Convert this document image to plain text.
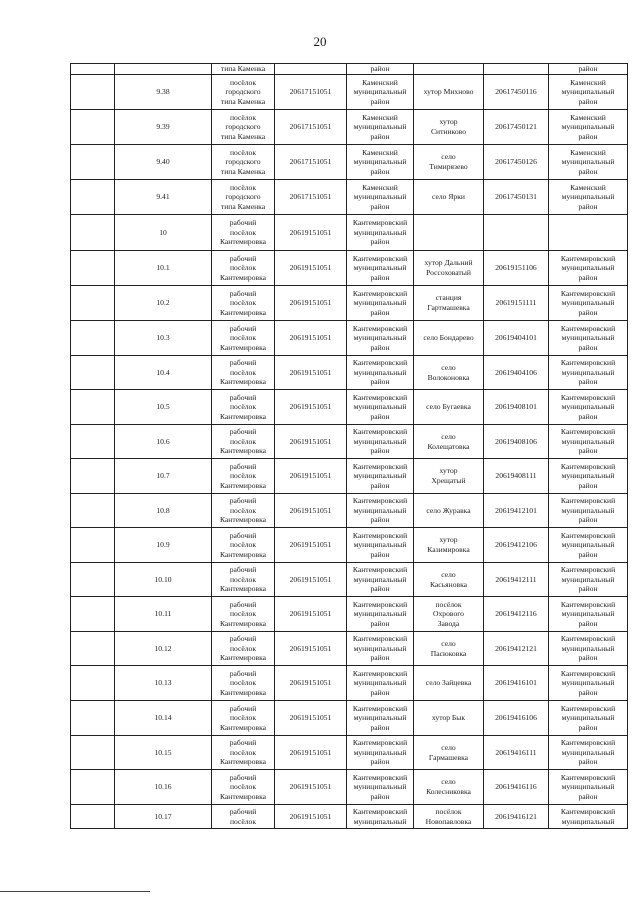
20

		типа Каменка		район			район

	9.38	посёлок
городского
типа Каменка	20617151051	Каменский
муниципальный
район	хутор Михново	20617450116	Каменский
муниципальный
район

	9.39	посёлок
городского
типа Каменка	20617151051	Каменский
муниципальный
район	хутор
Ситниково	20617450121	Каменский
муниципальный
район

	9.40	посёлок
городского
типа Каменка	20617151051	Каменский
муниципальный
район	село
Тимирязево	20617450126	Каменский
муниципальный
район

	9.41	посёлок
городского
типа Каменка	20617151051	Каменский
муниципальный
район	село Ярки	20617450131	Каменский
муниципальный
район

	10	рабочий
посёлок
Кантемировка	20619151051	Кантемировский
муниципальный
район			

	10.1	рабочий
посёлок
Кантемировка	20619151051	Кантемировский
муниципальный
район	хутор Дальний
Россоховатый	20619151106	Кантемировский
муниципальный
район

	10.2	рабочий
посёлок
Кантемировка	20619151051	Кантемировский
муниципальный
район	станция
Гартмашевка	20619151111	Кантемировский
муниципальный
район

	10.3	рабочий
посёлок
Кантемировка	20619151051	Кантемировский
муниципальный
район	село Бондарево	20619404101	Кантемировский
муниципальный
район

	10.4	рабочий
посёлок
Кантемировка	20619151051	Кантемировский
муниципальный
район	село
Волоконовка	20619404106	Кантемировский
муниципальный
район

	10.5	рабочий
посёлок
Кантемировка	20619151051	Кантемировский
муниципальный
район	село Бугаевка	20619408101	Кантемировский
муниципальный
район

	10.6	рабочий
посёлок
Кантемировка	20619151051	Кантемировский
муниципальный
район	село
Колещатовка	20619408106	Кантемировский
муниципальный
район

	10.7	рабочий
посёлок
Кантемировка	20619151051	Кантемировский
муниципальный
район	хутор
Хрещатый	20619408111	Кантемировский
муниципальный
район

	10.8	рабочий
посёлок
Кантемировка	20619151051	Кантемировский
муниципальный
район	село Журавка	20619412101	Кантемировский
муниципальный
район

	10.9	рабочий
посёлок
Кантемировка	20619151051	Кантемировский
муниципальный
район	хутор
Казимировка	20619412106	Кантемировский
муниципальный
район

	10.10	рабочий
посёлок
Кантемировка	20619151051	Кантемировский
муниципальный
район	село
Касьяновка	20619412111	Кантемировский
муниципальный
район

	10.11	рабочий
посёлок
Кантемировка	20619151051	Кантемировский
муниципальный
район	посёлок
Охрового
Завода	20619412116	Кантемировский
муниципальный
район

	10.12	рабочий
посёлок
Кантемировка	20619151051	Кантемировский
муниципальный
район	село
Пасюковка	20619412121	Кантемировский
муниципальный
район

	10.13	рабочий
посёлок
Кантемировка	20619151051	Кантемировский
муниципальный
район	село Зайцевка	20619416101	Кантемировский
муниципальный
район

	10.14	рабочий
посёлок
Кантемировка	20619151051	Кантемировский
муниципальный
район	хутор Бык	20619416106	Кантемировский
муниципальный
район

	10.15	рабочий
посёлок
Кантемировка	20619151051	Кантемировский
муниципальный
район	село
Гармашевка	20619416111	Кантемировский
муниципальный
район

	10.16	рабочий
посёлок
Кантемировка	20619151051	Кантемировский
муниципальный
район	село
Колесниковка	20619416116	Кантемировский
муниципальный
район

	10.17	рабочий
посёлок	20619151051	Кантемировский
муниципальный	посёлок
Новопавловка	20619416121	Кантемировский
муниципальный
